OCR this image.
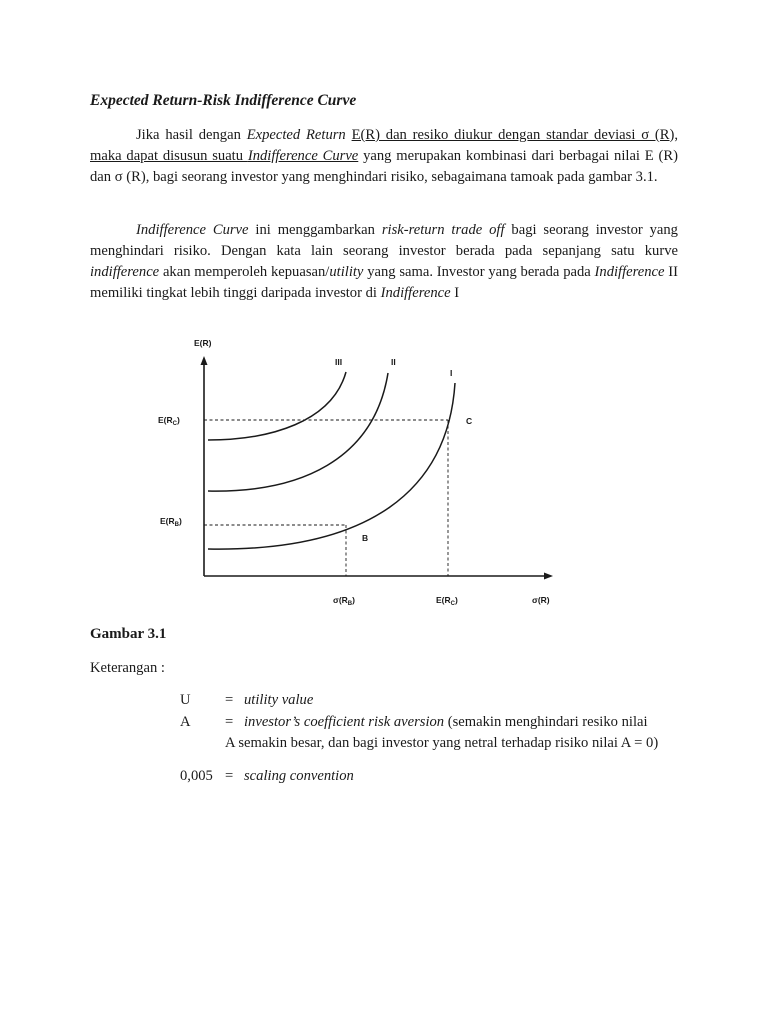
Expected Return-Risk Indifference Curve
Jika hasil dengan Expected Return E(R) dan resiko diukur dengan standar deviasi σ (R), maka dapat disusun suatu Indifference Curve yang merupakan kombinasi dari berbagai nilai E (R) dan σ (R), bagi seorang investor yang menghindari risiko, sebagaimana tamoak pada gambar 3.1.
Indifference Curve ini menggambarkan risk-return trade off bagi seorang investor yang menghindari risiko. Dengan kata lain seorang investor berada pada sepanjang satu kurve indifference akan memperoleh kepuasan/utility yang sama. Investor yang berada pada Indifference II memiliki tingkat lebih tinggi daripada investor di Indifference I
E(R)
σ(R)
III	II
I
$E(R_C)$
$E(R_B)$
$\sigma(R_B)$	$E(R_C)$
C
B
Gambar 3.1
Keterangan :
U = utility value
A = investor’s coefficient risk aversion (semakin menghindari resiko nilai
A semakin besar, dan bagi investor yang netral terhadap risiko nilai A = 0)
0,005 = scaling convention
